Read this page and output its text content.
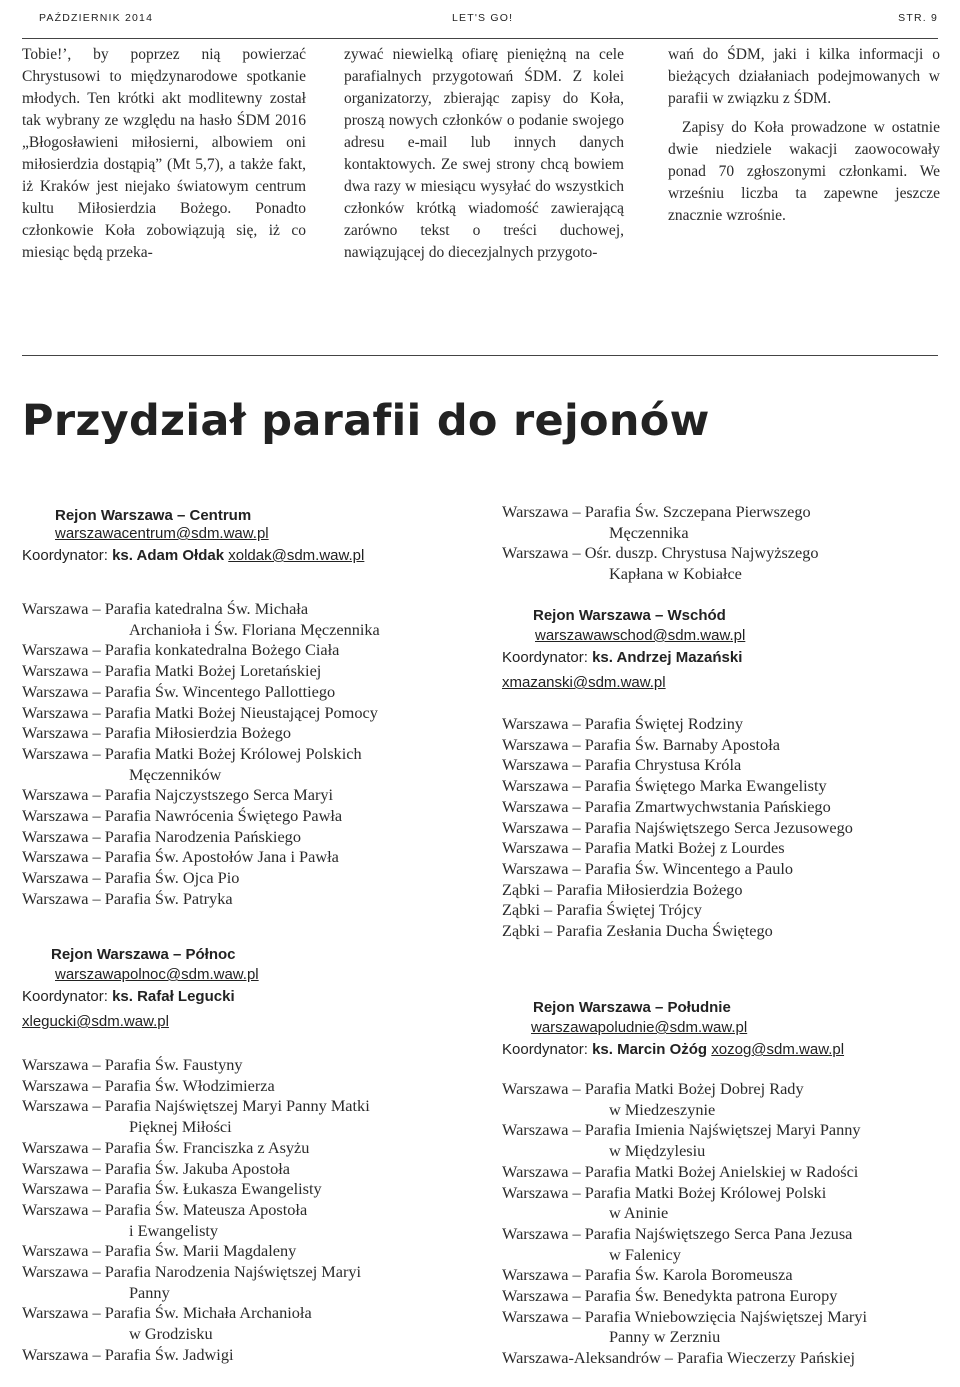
PAŹDZIERNIK 2014	LET'S GO!	STR. 9

Tobie!’, by poprzez nią powierzać Chrystusowi to międzynarodowe spotkanie młodych. Ten krótki akt modlitewny został tak wybrany ze względu na hasło ŚDM 2016 „Błogosławieni miłosierni, albowiem oni miłosierdzia dostąpią” (Mt 5,7), a także fakt, iż Kraków jest niejako światowym centrum kultu Miłosierdzia Bożego. Ponadto członkowie Koła zobowiązują się, iż co miesiąc będą przeka-

zywać niewielką ofiarę pieniężną na cele parafialnych przygotowań ŚDM. Z kolei organizatorzy, zbierając zapisy do Koła, proszą nowych członków o podanie swojego adresu e-mail lub innych danych kontaktowych. Ze swej strony chcą bowiem dwa razy w miesiącu wysyłać do wszystkich członków krótką wiadomość zawierającą zarówno tekst o treści duchowej, nawiązującej do diecezjalnych przygoto-

wań do ŚDM, jaki i kilka informacji o bieżących działaniach podejmowanych w parafii w związku z ŚDM.

Zapisy do Koła prowadzone w ostatnie dwie niedziele wakacji zaowocowały ponad 70 zgłoszonymi członkami. We wrześniu liczba ta zapewne jeszcze znacznie wzrośnie.

Przydział parafii do rejonów
Rejon Warszawa – Centrum
warszawacentrum@sdm.waw.pl
Koordynator: ks. Adam Ołdak xoldak@sdm.waw.pl
Warszawa – Parafia katedralna Św. Michała
Archanioła i Św. Floriana Męczennika
Warszawa – Parafia konkatedralna Bożego Ciała
Warszawa – Parafia Matki Bożej Loretańskiej
Warszawa – Parafia Św. Wincentego Pallottiego
Warszawa – Parafia Matki Bożej Nieustającej Pomocy
Warszawa – Parafia Miłosierdzia Bożego
Warszawa – Parafia Matki Bożej Królowej Polskich
Męczenników
Warszawa – Parafia Najczystszego Serca Maryi
Warszawa – Parafia Nawrócenia Świętego Pawła
Warszawa – Parafia Narodzenia Pańskiego
Warszawa – Parafia Św. Apostołów Jana i Pawła
Warszawa – Parafia Św. Ojca Pio
Warszawa – Parafia Św. Patryka
Rejon Warszawa – Północ
warszawapolnoc@sdm.waw.pl
Koordynator: ks. Rafał Legucki
xlegucki@sdm.waw.pl
Warszawa – Parafia Św. Faustyny
Warszawa – Parafia Św. Włodzimierza
Warszawa – Parafia Najświętszej Maryi Panny Matki
Pięknej Miłości
Warszawa – Parafia Św. Franciszka z Asyżu
Warszawa – Parafia Św. Jakuba Apostoła
Warszawa – Parafia Św. Łukasza Ewangelisty
Warszawa – Parafia Św. Mateusza Apostoła
i Ewangelisty
Warszawa – Parafia Św. Marii Magdaleny
Warszawa – Parafia Narodzenia Najświętszej Maryi
Panny
Warszawa – Parafia Św. Michała Archanioła
w Grodzisku
Warszawa – Parafia Św. Jadwigi
Warszawa – Parafia Św. Szczepana Pierwszego
Męczennika
Warszawa – Ośr. duszp. Chrystusa Najwyższego
Kapłana w Kobiałce
Rejon Warszawa – Wschód
warszawawschod@sdm.waw.pl
Koordynator: ks. Andrzej Mazański
xmazanski@sdm.waw.pl
Warszawa – Parafia Świętej Rodziny
Warszawa – Parafia Św. Barnaby Apostoła
Warszawa – Parafia Chrystusa Króla
Warszawa – Parafia Świętego Marka Ewangelisty
Warszawa – Parafia Zmartwychwstania Pańskiego
Warszawa – Parafia Najświętszego Serca Jezusowego
Warszawa – Parafia Matki Bożej z Lourdes
Warszawa – Parafia Św. Wincentego a Paulo
Ząbki – Parafia Miłosierdzia Bożego
Ząbki – Parafia Świętej Trójcy
Ząbki – Parafia Zesłania Ducha Świętego
Rejon Warszawa – Południe
warszawapoludnie@sdm.waw.pl
Koordynator: ks. Marcin Ożóg xozog@sdm.waw.pl
Warszawa – Parafia Matki Bożej Dobrej Rady
w Miedzeszynie
Warszawa – Parafia Imienia Najświętszej Maryi Panny
w Międzylesiu
Warszawa – Parafia Matki Bożej Anielskiej w Radości
Warszawa – Parafia Matki Bożej Królowej Polski
w Aninie
Warszawa – Parafia Najświętszego Serca Pana Jezusa
w Falenicy
Warszawa – Parafia Św. Karola Boromeusza
Warszawa – Parafia Św. Benedykta patrona Europy
Warszawa – Parafia Wniebowzięcia Najświętszej Maryi
Panny w Zerzniu
Warszawa-Aleksandrów – Parafia Wieczerzy Pańskiej
